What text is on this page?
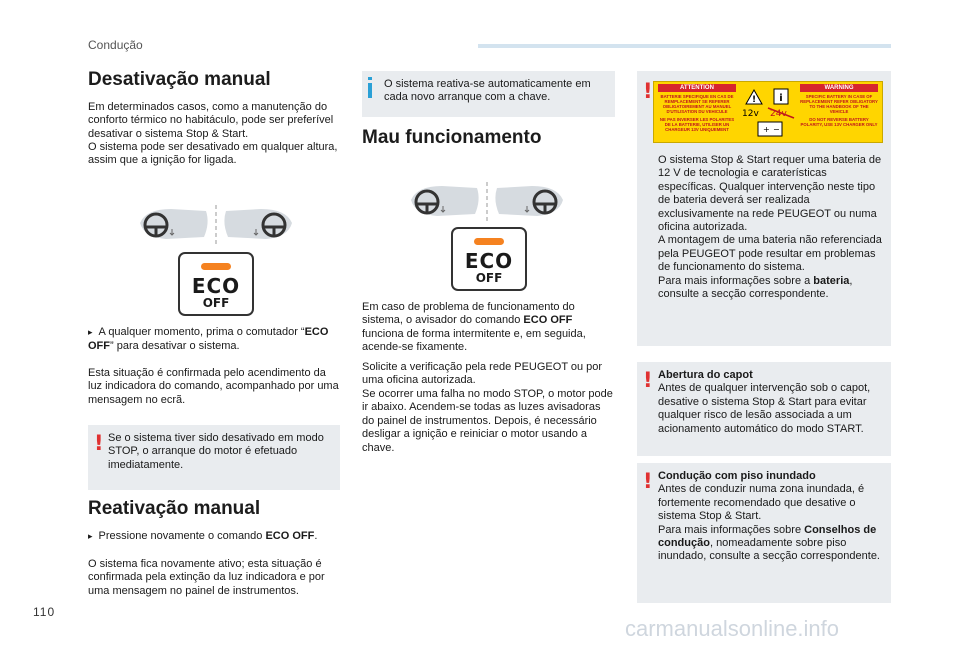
Condução
Desativação manual

Em determinados casos, como a manutenção do conforto térmico no habitáculo, pode ser preferível desativar o sistema Stop & Start.

O sistema pode ser desativado em qualquer altura, assim que a ignição for ligada.

ECO
OFF

▸ A qualquer momento, prima o comutador “ECO OFF” para desativar o sistema.

Esta situação é confirmada pelo acendimento da luz indicadora do comando, acompanhado por uma mensagem no ecrã.

! Se o sistema tiver sido desativado em modo STOP, o arranque do motor é efetuado imediatamente.

Reativação manual

▸ Pressione novamente o comando ECO OFF.

O sistema fica novamente ativo; esta situação é confirmada pela extinção da luz indicadora e por uma mensagem no painel de instrumentos.

O sistema reativa-se automaticamente em cada novo arranque com a chave.

Mau funcionamento
ECO
OFF

Em caso de problema de funcionamento do sistema, o avisador do comando ECO OFF funciona de forma intermitente e, em seguida, acende-se fixamente.

Solicite a verificação pela rede PEUGEOT ou por uma oficina autorizada.

Se ocorrer uma falha no modo STOP, o motor pode ir abaixo. Acendem-se todas as luzes avisadoras do painel de instrumentos. Depois, é necessário desligar a ignição e reiniciar o motor usando a chave.

!	ATTENTION	WARNING
BATTERIE SPECIFIQUE EN CAS DE REMPLACEMENT SE REFERER OBLIGATOIREMENT AU MANUEL D'UTILISATION DU VEHICULE
NE PAS INVERSER LES POLARITES DE LA BATTERIE, UTILISER UN CHARGEUR 13V UNIQUEMENT
SPECIFIC BATTERY IN CASE OF REPLACEMENT REFER OBLIGATORY TO THE HANDBOOK OF THE VEHICLE
DO NOT REVERSE BATTERY POLARITY, USE 13V CHARGER ONLY
! i
12v 24v
+ −
O sistema Stop & Start requer uma bateria de 12 V de tecnologia e caraterísticas específicas. Qualquer intervenção neste tipo de bateria deverá ser realizada exclusivamente na rede PEUGEOT ou numa oficina autorizada.
A montagem de uma bateria não referenciada pela PEUGEOT pode resultar em problemas de funcionamento do sistema.
Para mais informações sobre a bateria, consulte a secção correspondente.
! Abertura do capot
Antes de qualquer intervenção sob o capot, desative o sistema Stop & Start para evitar qualquer risco de lesão associada a um acionamento automático do modo START.
! Condução com piso inundado
Antes de conduzir numa zona inundada, é fortemente recomendado que desative o sistema Stop & Start.
Para mais informações sobre Conselhos de condução, nomeadamente sobre piso inundado, consulte a secção correspondente.
110
carmanualsonline.info
